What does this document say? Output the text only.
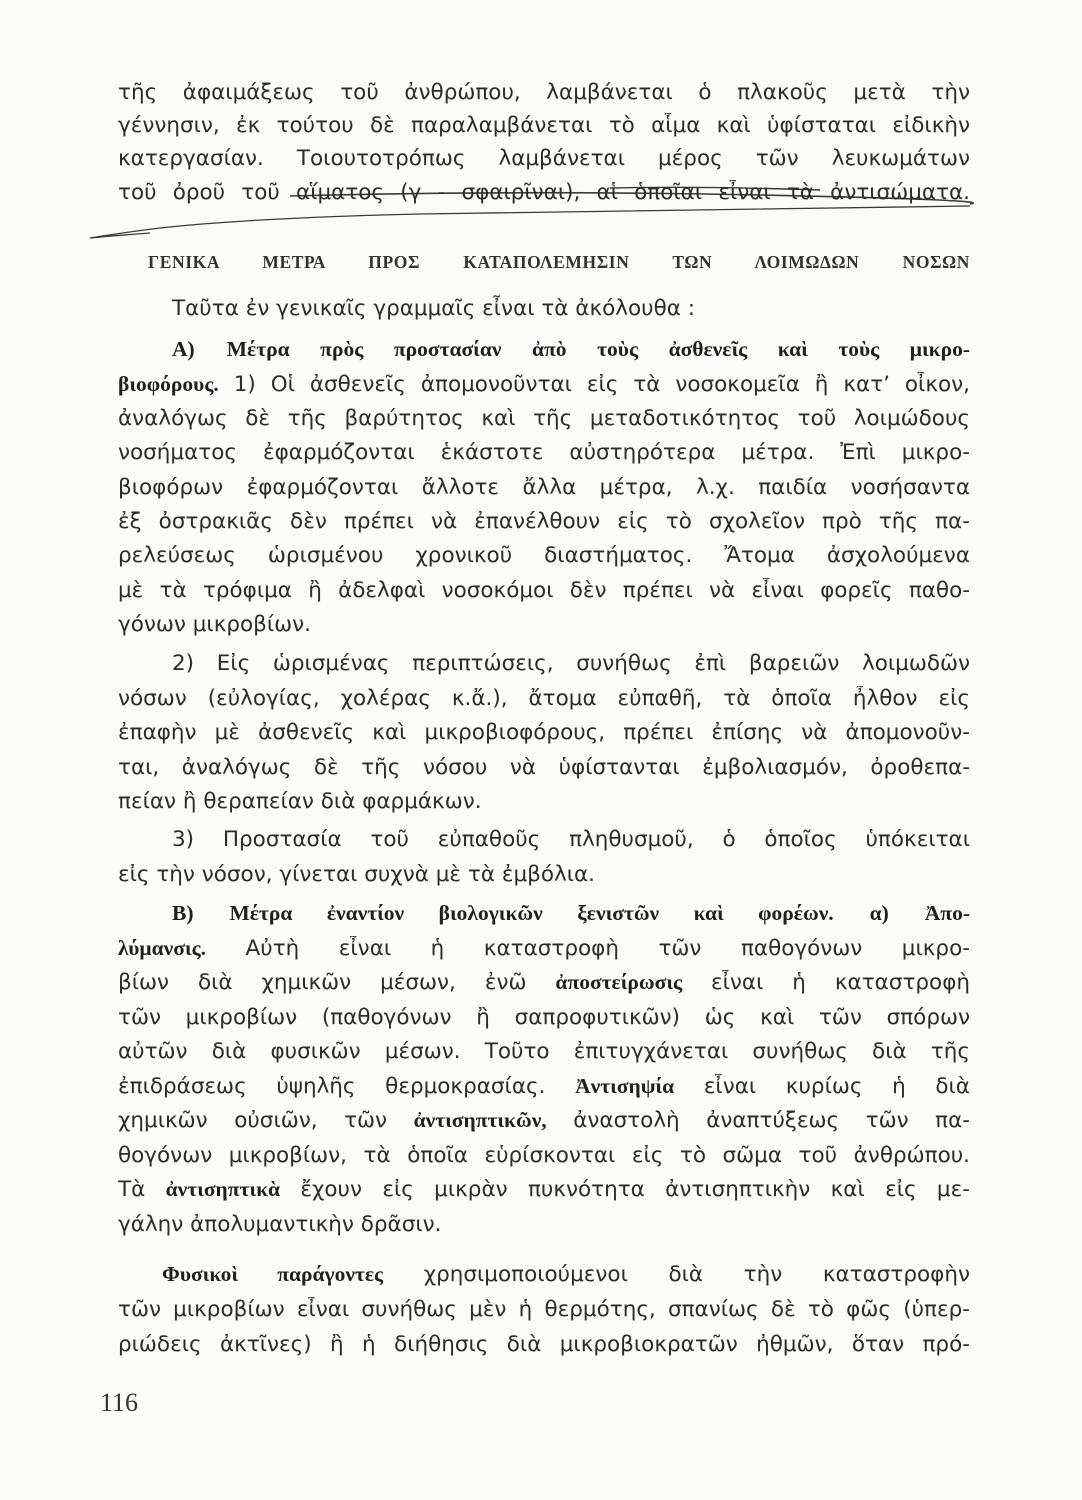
τῆς ἀφαιμάξεως τοῦ ἀνθρώπου, λαμβάνεται ὁ πλακοῦς μετὰ τὴν
γέννησιν, ἐκ τούτου δὲ παραλαμβάνεται τὸ αἷμα καὶ ὑφίσταται εἰδικὴν
κατεργασίαν. Τοιουτοτρόπως λαμβάνεται μέρος τῶν λευκωμάτων
τοῦ ὀροῦ τοῦ αἵματος (γ - σφαιρῖναι), αἱ ὁποῖαι εἶναι τὰ ἀντισώματα.
ΓΕΝΙΚΑ ΜΕΤΡΑ ΠΡΟΣ ΚΑΤΑΠΟΛΕΜΗΣΙΝ ΤΩΝ ΛΟΙΜΩΔΩΝ ΝΟΣΩΝ
Ταῦτα ἐν γενικαῖς γραμμαῖς εἶναι τὰ ἀκόλουθα :
Α) Μέτρα πρὸς προστασίαν ἀπὸ τοὺς ἀσθενεῖς καὶ τοὺς μικρο-
βιοφόρους. 1) Οἱ ἀσθενεῖς ἀπομονοῦνται εἰς τὰ νοσοκομεῖα ἢ κατ’ οἶκον,
ἀναλόγως δὲ τῆς βαρύτητος καὶ τῆς μεταδοτικότητος τοῦ λοιμώδους
νοσήματος ἐφαρμόζονται ἑκάστοτε αὐστηρότερα μέτρα. Ἐπὶ μικρο-
βιοφόρων ἐφαρμόζονται ἄλλοτε ἄλλα μέτρα, λ.χ. παιδία νοσήσαντα
ἐξ ὀστρακιᾶς δὲν πρέπει νὰ ἐπανέλθουν εἰς τὸ σχολεῖον πρὸ τῆς πα-
ρελεύσεως ὡρισμένου χρονικοῦ διαστήματος. Ἄτομα ἀσχολούμενα
μὲ τὰ τρόφιμα ἢ ἀδελφαὶ νοσοκόμοι δὲν πρέπει νὰ εἶναι φορεῖς παθο-
γόνων μικροβίων.
2) Εἰς ὡρισμένας περιπτώσεις, συνήθως ἐπὶ βαρειῶν λοιμωδῶν
νόσων (εὐλογίας, χολέρας κ.ἄ.), ἄτομα εὐπαθῆ, τὰ ὁποῖα ἦλθον εἰς
ἐπαφὴν μὲ ἀσθενεῖς καὶ μικροβιοφόρους, πρέπει ἐπίσης νὰ ἀπομονοῦν-
ται, ἀναλόγως δὲ τῆς νόσου νὰ ὑφίστανται ἐμβολιασμόν, ὀροθεπα-
πείαν ἢ θεραπείαν διὰ φαρμάκων.
3) Προστασία τοῦ εὐπαθοῦς πληθυσμοῦ, ὁ ὁποῖος ὑπόκειται
εἰς τὴν νόσον, γίνεται συχνὰ μὲ τὰ ἐμβόλια.
Β) Μέτρα ἐναντίον βιολογικῶν ξενιστῶν καὶ φορέων. α) Ἀπο-
λύμανσις. Αὐτὴ εἶναι ἡ καταστροφὴ τῶν παθογόνων μικρο-
βίων διὰ χημικῶν μέσων, ἐνῶ ἀποστείρωσις εἶναι ἡ καταστροφὴ
τῶν μικροβίων (παθογόνων ἢ σαπροφυτικῶν) ὡς καὶ τῶν σπόρων
αὐτῶν διὰ φυσικῶν μέσων. Τοῦτο ἐπιτυγχάνεται συνήθως διὰ τῆς
ἐπιδράσεως ὑψηλῆς θερμοκρασίας. Ἀντισηψία εἶναι κυρίως ἡ διὰ
χημικῶν οὐσιῶν, τῶν ἀντισηπτικῶν, ἀναστολὴ ἀναπτύξεως τῶν πα-
θογόνων μικροβίων, τὰ ὁποῖα εὑρίσκονται εἰς τὸ σῶμα τοῦ ἀνθρώπου.
Τὰ ἀντισηπτικὰ ἔχουν εἰς μικρὰν πυκνότητα ἀντισηπτικὴν καὶ εἰς με-
γάλην ἀπολυμαντικὴν δρᾶσιν.
Φυσικοὶ παράγοντες χρησιμοποιούμενοι διὰ τὴν καταστροφὴν
τῶν μικροβίων εἶναι συνήθως μὲν ἡ θερμότης, σπανίως δὲ τὸ φῶς (ὑπερ-
ριώδεις ἀκτῖνες) ἢ ἡ διήθησις διὰ μικροβιοκρατῶν ἠθμῶν, ὅταν πρό-
116
